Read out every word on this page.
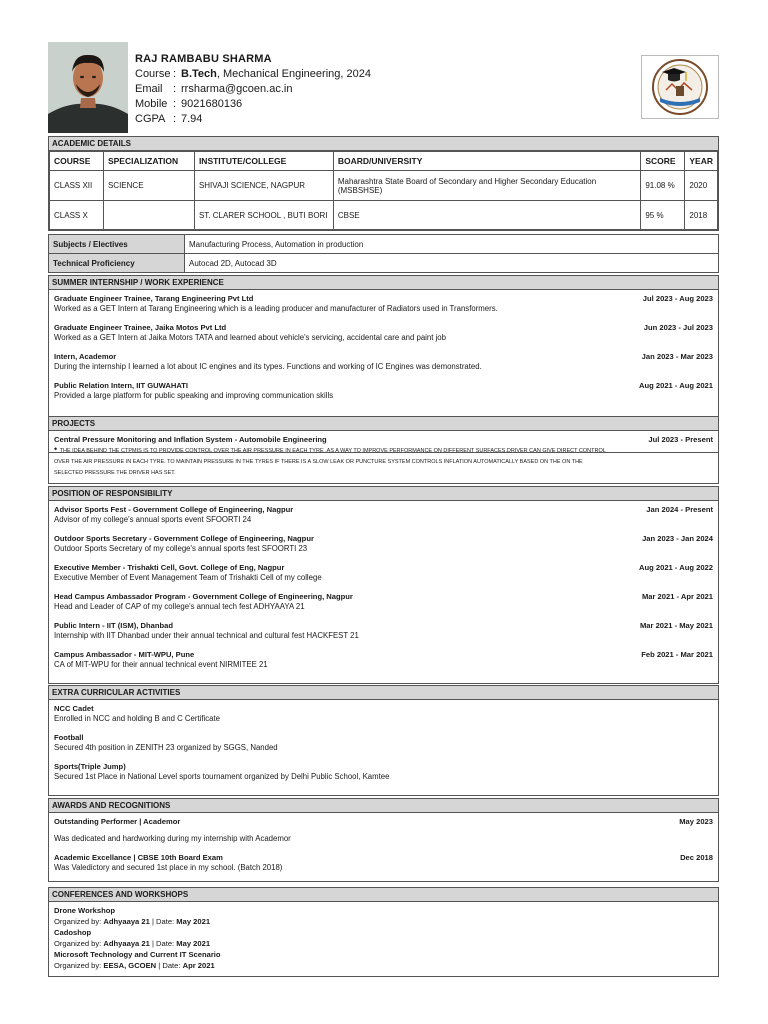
RAJ RAMBABU SHARMA
Course : B.Tech , Mechanical Engineering, 2024
Email : rrsharma@gcoen.ac.in
Mobile : 9021680136
CGPA : 7.94
ACADEMIC DETAILS
COURSE	SPECIALIZATION	INSTITUTE/COLLEGE	BOARD/UNIVERSITY	SCORE	YEAR
CLASS XII	SCIENCE	SHIVAJI SCIENCE, NAGPUR	Maharashtra State Board of Secondary and Higher Secondary Education (MSBSHSE)	91.08 %	2020
CLASS X		ST. CLARER SCHOOL , BUTI BORI	CBSE	95 %	2018
Subjects / Electives	Manufacturing Process, Automation in production
Technical Proficiency	Autocad 2D, Autocad 3D
SUMMER INTERNSHIP / WORK EXPERIENCE
Graduate Engineer Trainee, Tarang Engineering Pvt Ltd	Jul 2023 - Aug 2023
Worked as a GET Intern at Tarang Engineering which is a leading producer and manufacturer of Radiators used in Transformers.
Graduate Engineer Trainee, Jaika Motos Pvt Ltd	Jun 2023 - Jul 2023
Worked as a GET Intern at Jaika Motors TATA and learned about vehicle's servicing, accidental care and paint job
Intern, Academor	Jan 2023 - Mar 2023
During the internship I learned a lot about IC engines and its types. Functions and working of IC Engines was demonstrated.
Public Relation Intern, IIT GUWAHATI	Aug 2021 - Aug 2021
Provided a large platform for public speaking and improving communication skills
PROJECTS
Central Pressure Monitoring and Inflation System - Automobile Engineering	Jul 2023 - Present
• THE IDEA BEHIND THE CTPMIS IS TO PROVIDE CONTROL OVER THE AIR PRESSURE IN EACH TYRE .AS A WAY TO IMPROVE PERFORMANCE ON DIFFERENT SURFACES.DRIVER CAN GIVE DIRECT CONTROL
OVER THE AIR PRESSURE IN EACH TYRE. TO MAINTAIN PRESSURE IN THE TYRES IF THERE IS A SLOW LEAK OR PUNCTURE SYSTEM CONTROLS INFLATION AUTOMATICALLY BASED ON THE ON THE
SELECTED PRESSURE THE DRIVER HAS SET.
POSITION OF RESPONSIBILITY
Advisor Sports Fest - Government College of Engineering, Nagpur	Jan 2024 - Present
Advisor of my college's annual sports event SFOORTI 24
Outdoor Sports Secretary - Government College of Engineering, Nagpur	Jan 2023 - Jan 2024
Outdoor Sports Secretary of my college's annual sports fest SFOORTI 23
Executive Member - Trishakti Cell, Govt. College of Eng, Nagpur	Aug 2021 - Aug 2022
Executive Member of Event Management Team of Trishakti Cell of my college
Head Campus Ambassador Program - Government College of Engineering, Nagpur	Mar 2021 - Apr 2021
Head and Leader of CAP of my college's annual tech fest ADHYAAYA 21
Public Intern - IIT (ISM), Dhanbad	Mar 2021 - May 2021
Internship with IIT Dhanbad under their annual technical and cultural fest HACKFEST 21
Campus Ambassador - MIT-WPU, Pune	Feb 2021 - Mar 2021
CA of MIT-WPU for their annual technical event NIRMITEE 21
EXTRA CURRICULAR ACTIVITIES
NCC Cadet
Enrolled in NCC and holding B and C Certificate
Football
Secured 4th position in ZENITH 23 organized by SGGS, Nanded
Sports(Triple Jump)
Secured 1st Place in National Level sports tournament organized by Delhi Public School, Kamtee
AWARDS AND RECOGNITIONS
Outstanding Performer | Academor	May 2023
Was dedicated and hardworking during my internship with Academor
Academic Excellance | CBSE 10th Board Exam	Dec 2018
Was Valedictory and secured 1st place in my school. (Batch 2018)
CONFERENCES AND WORKSHOPS
Drone Workshop
Organized by: Adhyaaya 21 | Date: May 2021
Cadoshop
Organized by: Adhyaaya 21 | Date: May 2021
Microsoft Technology and Current IT Scenario
Organized by: EESA, GCOEN | Date: Apr 2021
